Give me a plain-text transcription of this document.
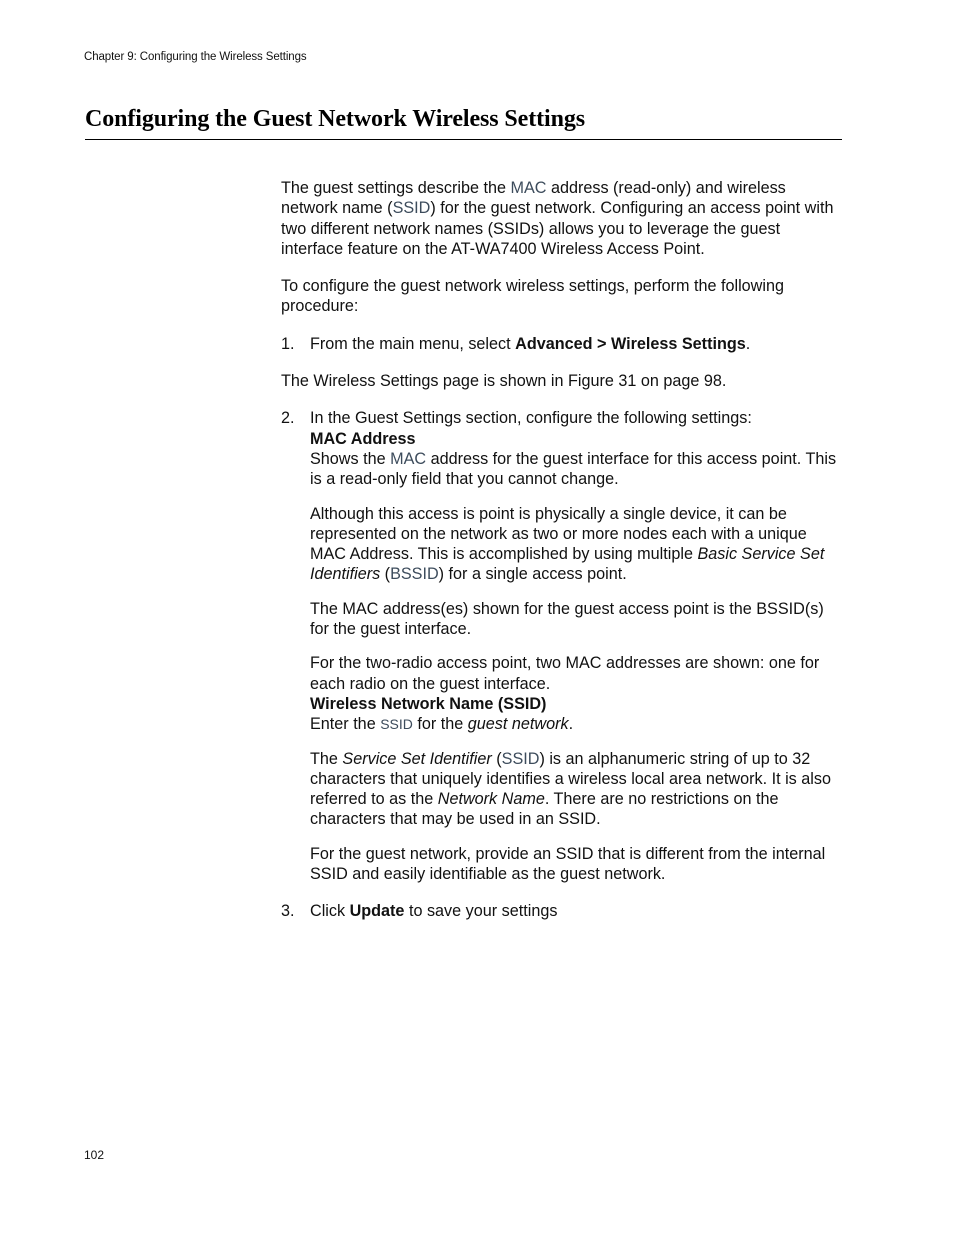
Chapter 9: Configuring the Wireless Settings
Configuring the Guest Network Wireless Settings

The guest settings describe the MAC address (read-only) and wireless network name (SSID) for the guest network. Configuring an access point with two different network names (SSIDs) allows you to leverage the guest interface feature on the AT-WA7400 Wireless Access Point.

To configure the guest network wireless settings, perform the following procedure:

1. From the main menu, select Advanced > Wireless Settings.

The Wireless Settings page is shown in Figure 31 on page 98.

2. In the Guest Settings section, configure the following settings:

MAC Address

Shows the MAC address for the guest interface for this access point. This is a read-only field that you cannot change.

Although this access is point is physically a single device, it can be represented on the network as two or more nodes each with a unique MAC Address. This is accomplished by using multiple Basic Service Set Identifiers (BSSID) for a single access point.

The MAC address(es) shown for the guest access point is the BSSID(s) for the guest interface.

For the two-radio access point, two MAC addresses are shown: one for each radio on the guest interface.

Wireless Network Name (SSID)

Enter the SSID for the guest network.

The Service Set Identifier (SSID) is an alphanumeric string of up to 32 characters that uniquely identifies a wireless local area network. It is also referred to as the Network Name. There are no restrictions on the characters that may be used in an SSID.

For the guest network, provide an SSID that is different from the internal SSID and easily identifiable as the guest network.

3. Click Update to save your settings
102
